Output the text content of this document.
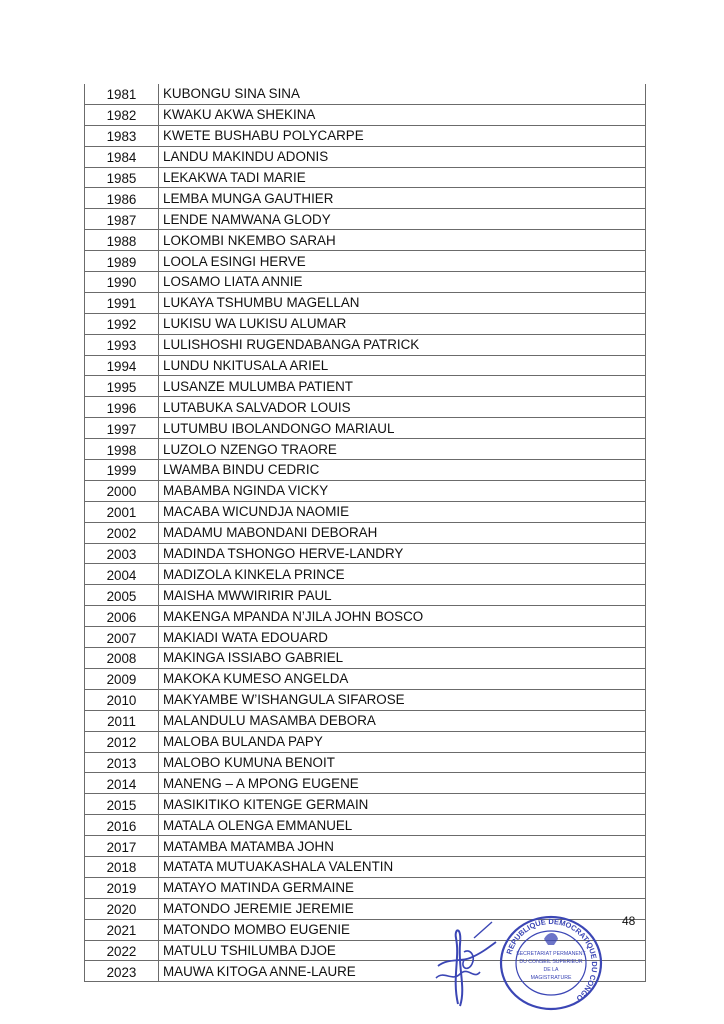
1981	KUBONGU SINA SINA
1982	KWAKU AKWA SHEKINA
1983	KWETE BUSHABU POLYCARPE
1984	LANDU MAKINDU ADONIS
1985	LEKAKWA TADI MARIE
1986	LEMBA MUNGA GAUTHIER
1987	LENDE NAMWANA GLODY
1988	LOKOMBI NKEMBO SARAH
1989	LOOLA ESINGI HERVE
1990	LOSAMO LIATA ANNIE
1991	LUKAYA TSHUMBU MAGELLAN
1992	LUKISU WA LUKISU ALUMAR
1993	LULISHOSHI RUGENDABANGA PATRICK
1994	LUNDU NKITUSALA ARIEL
1995	LUSANZE MULUMBA PATIENT
1996	LUTABUKA SALVADOR LOUIS
1997	LUTUMBU IBOLANDONGO MARIAUL
1998	LUZOLO NZENGO TRAORE
1999	LWAMBA BINDU CEDRIC
2000	MABAMBA NGINDA VICKY
2001	MACABA WICUNDJA NAOMIE
2002	MADAMU MABONDANI DEBORAH
2003	MADINDA TSHONGO HERVE-LANDRY
2004	MADIZOLA KINKELA PRINCE
2005	MAISHA MWWIRIRIR PAUL
2006	MAKENGA MPANDA N’JILA JOHN BOSCO
2007	MAKIADI WATA EDOUARD
2008	MAKINGA ISSIABO GABRIEL
2009	MAKOKA KUMESO ANGELDA
2010	MAKYAMBE W’ISHANGULA SIFAROSE
2011	MALANDULU MASAMBA DEBORA
2012	MALOBA BULANDA PAPY
2013	MALOBO KUMUNA BENOIT
2014	MANENG – A MPONG EUGENE
2015	MASIKITIKO KITENGE GERMAIN
2016	MATALA OLENGA EMMANUEL
2017	MATAMBA MATAMBA JOHN
2018	MATATA MUTUAKASHALA VALENTIN
2019	MATAYO MATINDA GERMAINE
2020	MATONDO JEREMIE JEREMIE
2021	MATONDO MOMBO EUGENIE
2022	MATULU TSHILUMBA DJOE
2023	MAUWA KITOGA ANNE-LAURE
48
REPUBLIQUE DEMOCRATIQUE DU CONGO
SECRETARIAT PERMANENT
DU CONSEIL SUPERIEUR
DE LA
MAGISTRATURE
